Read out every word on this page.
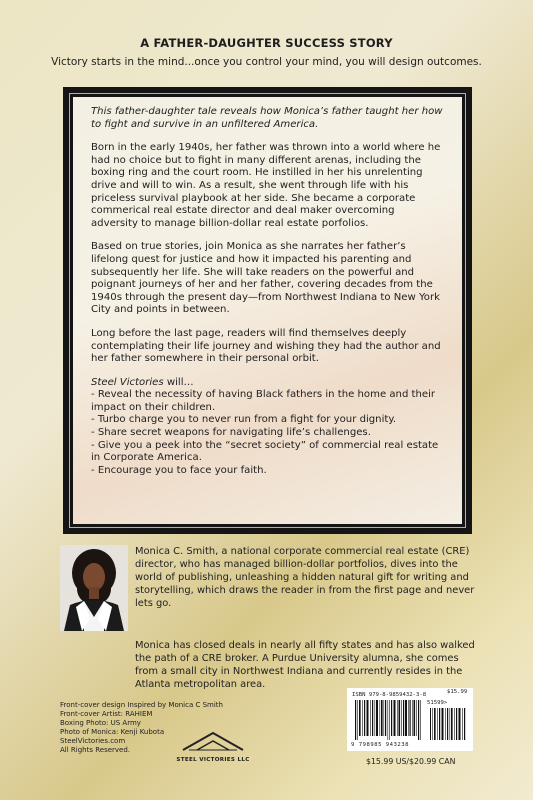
A FATHER-DAUGHTER SUCCESS STORY
Victory starts in the mind...once you control your mind, you will design outcomes.

This father-daughter tale reveals how Monica’s father taught her how to fight and survive in an unfiltered America.

Born in the early 1940s, her father was thrown into a world where he had no choice but to fight in many different arenas, including the boxing ring and the court room. He instilled in her his unrelenting drive and will to win. As a result, she went through life with his priceless survival playbook at her side. She became a corporate commerical real estate director and deal maker overcoming adversity to manage billion-dollar real estate porfolios.

Based on true stories, join Monica as she narrates her father’s lifelong quest for justice and how it impacted his parenting and subsequently her life. She will take readers on the powerful and poignant journeys of her and her father, covering decades from the 1940s through the present day—from Northwest Indiana to New York City and points in between.

Long before the last page, readers will find themselves deeply contemplating their life journey and wishing they had the author and her father somewhere in their personal orbit.

Steel Victories will…
- Reveal the necessity of having Black fathers in the home and their impact on their children.
- Turbo charge you to never run from a fight for your dignity.
- Share secret weapons for navigating life’s challenges.
- Give you a peek into the “secret society” of commercial real estate in Corporate America.
- Encourage you to face your faith.
Monica C. Smith, a national corporate commercial real estate (CRE) director, who has managed billion-dollar portfolios, dives into the world of publishing, unleashing a hidden natural gift for writing and storytelling, which draws the reader in from the first page and never lets go.
Monica has closed deals in nearly all fifty states and has also walked the path of a CRE broker. A Purdue University alumna, she comes from a small city in Northwest Indiana and currently resides in the Atlanta metropolitan area.
Front-cover design Inspired by Monica C Smith
Front-cover Artist: RAHIEM
Boxing Photo: US Army
Photo of Monica: Kenji Kubota
SteelVictories.com
All Rights Reserved.
STEEL VICTORIES LLC
ISBN 979-8-9859432-3-8	$15.99
51599>
9 798985 943238
$15.99 US/$20.99 CAN
